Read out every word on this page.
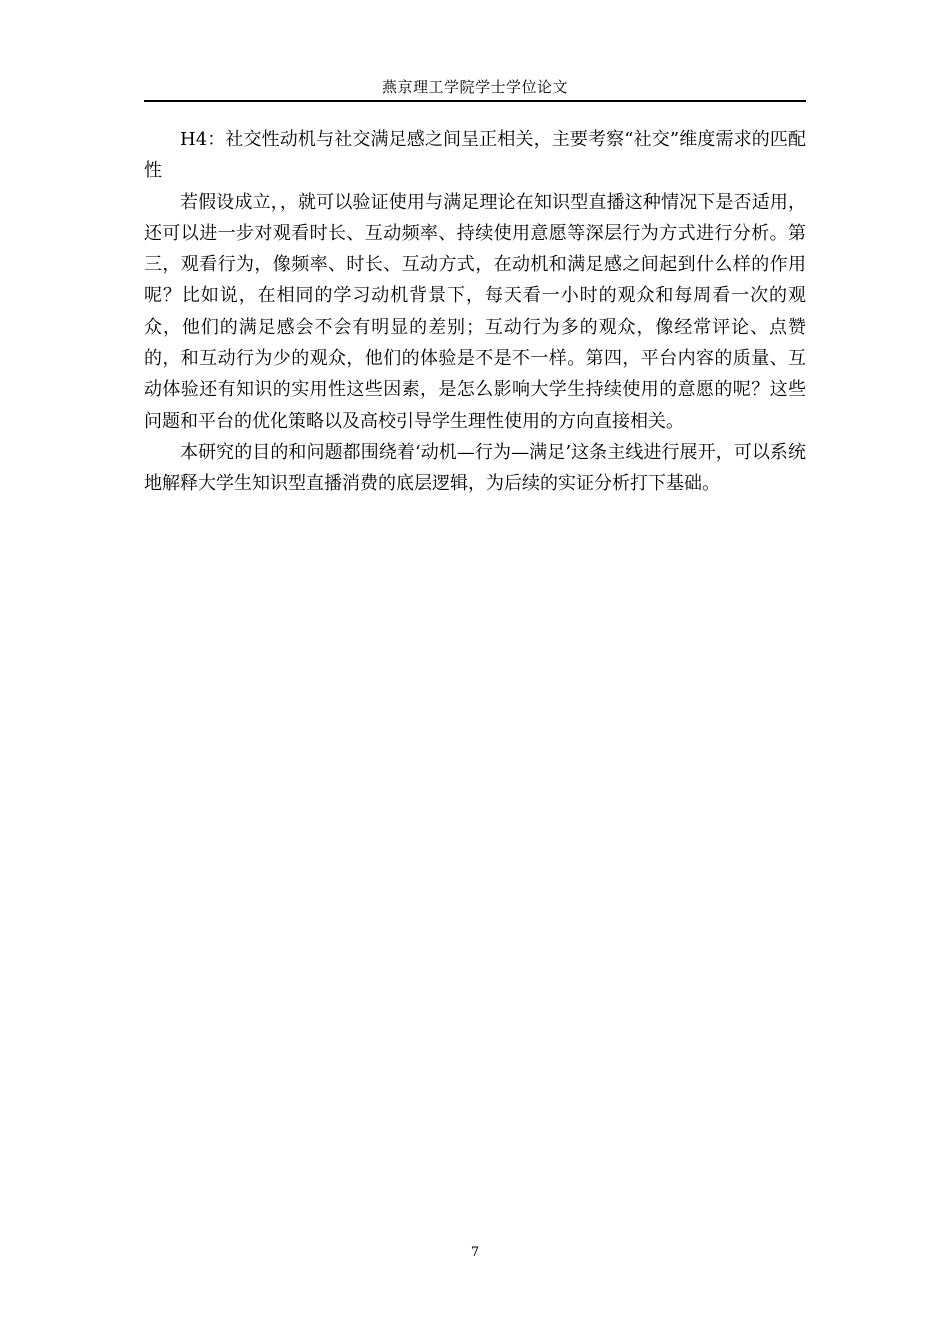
燕京理工学院学士学位论文

H4：社交性动机与社交满足感之间呈正相关，主要考察“社交”维度需求的匹配性

若假设成立，，就可以验证使用与满足理论在知识型直播这种情况下是否适用，还可以进一步对观看时长、互动频率、持续使用意愿等深层行为方式进行分析。第三，观看行为，像频率、时长、互动方式，在动机和满足感之间起到什么样的作用呢？比如说，在相同的学习动机背景下，每天看一小时的观众和每周看一次的观众，他们的满足感会不会有明显的差别；互动行为多的观众，像经常评论、点赞的，和互动行为少的观众，他们的体验是不是不一样。第四，平台内容的质量、互动体验还有知识的实用性这些因素，是怎么影响大学生持续使用的意愿的呢？这些问题和平台的优化策略以及高校引导学生理性使用的方向直接相关。

本研究的目的和问题都围绕着‘动机—行为—满足’这条主线进行展开，可以系统地解释大学生知识型直播消费的底层逻辑，为后续的实证分析打下基础。

7
